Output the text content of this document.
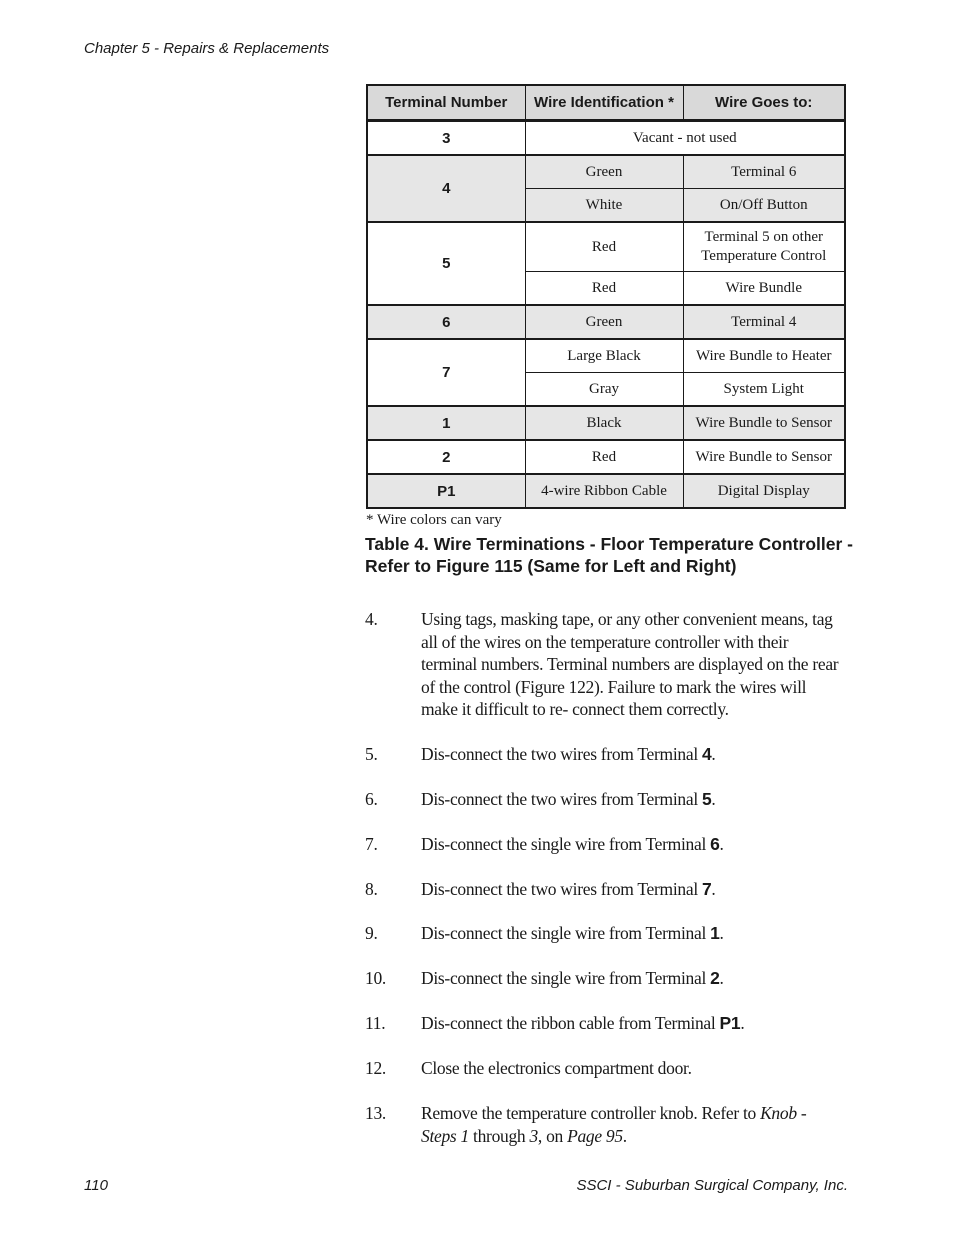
Chapter 5 - Repairs & Replacements
Terminal Number	Wire Identification *	Wire Goes to:
3	Vacant - not used	
4	Green	Terminal 6
	White	On/Off Button
5	Red	Terminal 5 on other Temperature Control
	Red	Wire Bundle
6	Green	Terminal 4
7	Large Black	Wire Bundle to Heater
	Gray	System Light
1	Black	Wire Bundle to Sensor
2	Red	Wire Bundle to Sensor
P1	4-wire Ribbon Cable	Digital Display
* Wire colors can vary
Table 4. Wire Terminations - Floor Temperature Controller - Refer to Figure 115 (Same for Left and Right)
4.	Using tags, masking tape, or any other convenient means, tag all of the wires on the temperature controller with their terminal numbers. Terminal numbers are displayed on the rear of the control (Figure 122). Failure to mark the wires will make it difficult to re- connect them correctly.
5.	Dis-connect the two wires from Terminal 4.
6.	Dis-connect the two wires from Terminal 5.
7.	Dis-connect the single wire from Terminal 6.
8.	Dis-connect the two wires from Terminal 7.
9.	Dis-connect the single wire from Terminal 1.
10.	Dis-connect the single wire from Terminal 2.
11.	Dis-connect the ribbon cable from Terminal P1.
12.	Close the electronics compartment door.
13.	Remove the temperature controller knob. Refer to Knob - Steps 1 through 3, on Page 95.
110	SSCI - Suburban Surgical Company, Inc.
